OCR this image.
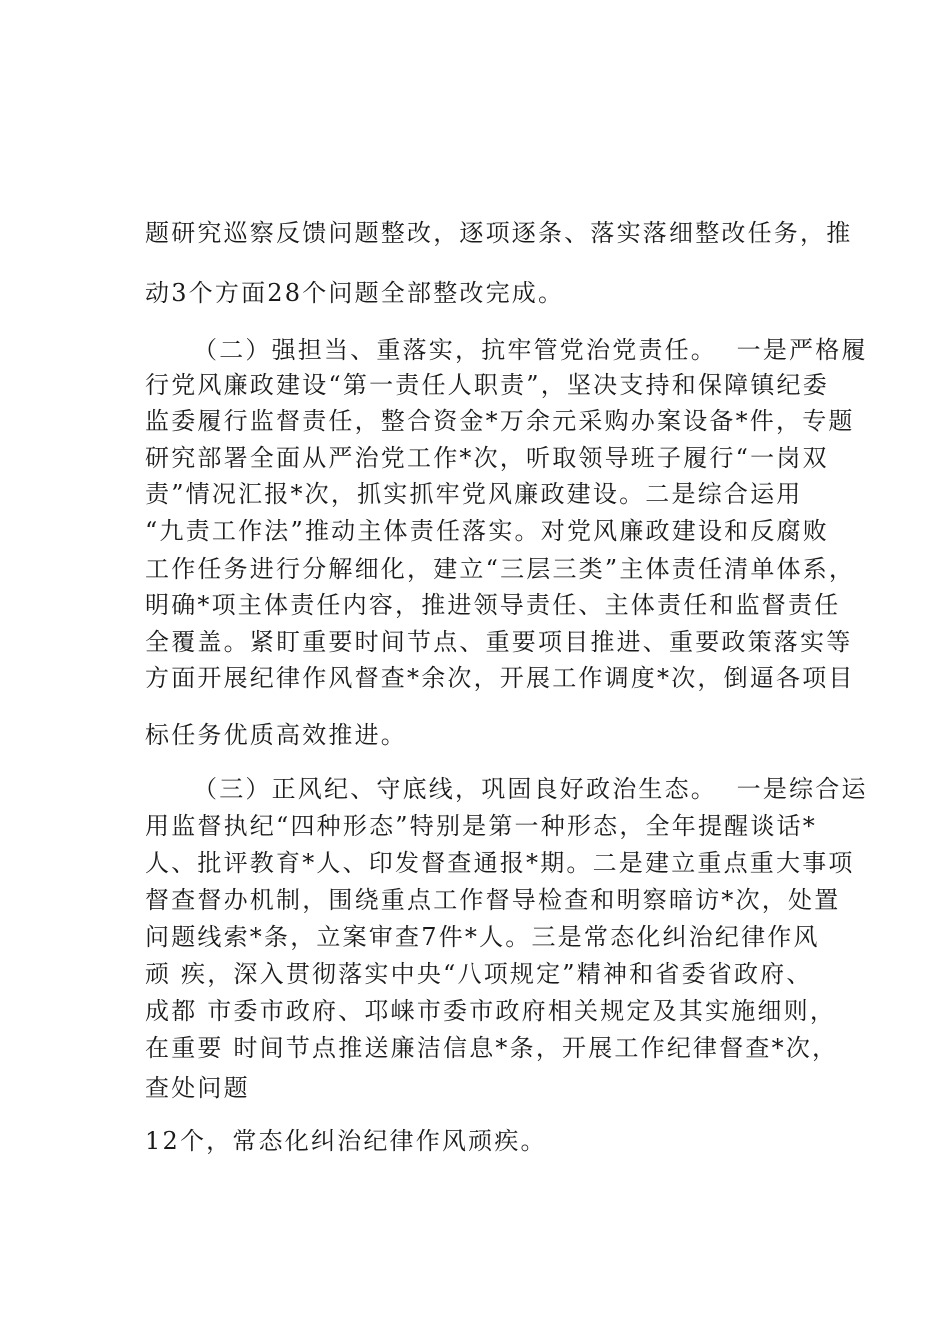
题研究巡察反馈问题整改，逐项逐条、落实落细整改任务，推
动3个方面28个问题全部整改完成。
（二）强担当、重落实，抗牢管党治党责任。  一是严格履
行党风廉政建设“第一责任人职责”，坚决支持和保障镇纪委
监委履行监督责任，整合资金*万余元采购办案设备*件，专题
研究部署全面从严治党工作*次，听取领导班子履行“一岗双
责”情况汇报*次，抓实抓牢党风廉政建设。二是综合运用
“九责工作法”推动主体责任落实。对党风廉政建设和反腐败
工作任务进行分解细化，建立“三层三类”主体责任清单体系，
明确*项主体责任内容，推进领导责任、主体责任和监督责任
全覆盖。紧盯重要时间节点、重要项目推进、重要政策落实等
方面开展纪律作风督查*余次，开展工作调度*次，倒逼各项目
标任务优质高效推进。
（三）正风纪、守底线，巩固良好政治生态。  一是综合运
用监督执纪“四种形态”特别是第一种形态，全年提醒谈话*
人、批评教育*人、印发督查通报*期。二是建立重点重大事项
督查督办机制，围绕重点工作督导检查和明察暗访*次，处置
问题线索*条，立案审查7件*人。三是常态化纠治纪律作风
顽 疾，深入贯彻落实中央“八项规定”精神和省委省政府、
成都 市委市政府、邛崃市委市政府相关规定及其实施细则，
在重要 时间节点推送廉洁信息*条，开展工作纪律督查*次，
查处问题
12个，常态化纠治纪律作风顽疾。
